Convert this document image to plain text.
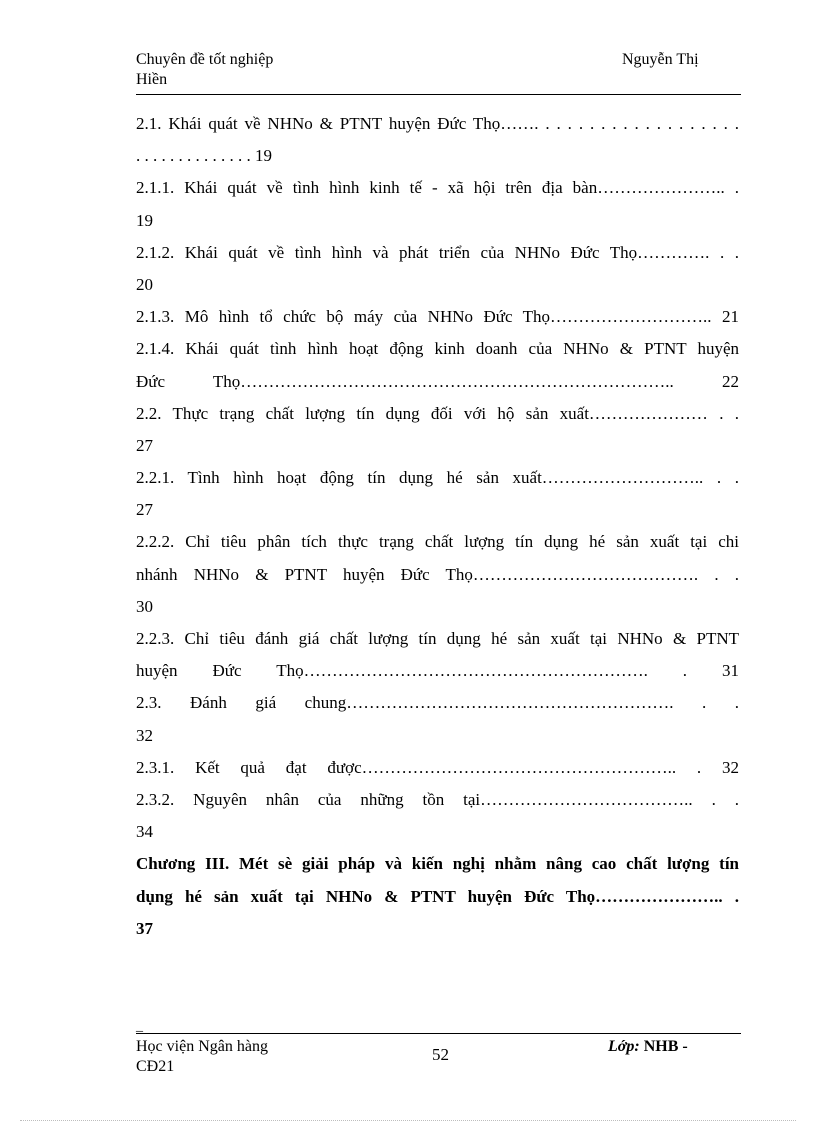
Chuyên đề tốt nghiệp	Nguyễn Thị
Hiền
2.1. Khái quát về NHNo & PTNT huyện Đức Thọ……. . . . . . . . . . . . . . . . . . .
. . . . . . . . . . . . . . 19
2.1.1. Khái quát về tình hình kinh tế - xã hội trên địa bàn………………….. .
19
2.1.2. Khái quát về tình hình và phát triển của NHNo Đức Thọ…………. . .
20
2.1.3. Mô hình tổ chức bộ máy của NHNo Đức Thọ……………………….. 21
2.1.4. Khái quát tình hình hoạt động kinh doanh của NHNo & PTNT huyện
Đức Thọ………………………………………………………………….. 22
2.2. Thực trạng chất lượng tín dụng đối với hộ sản xuất………………… . .
27
2.2.1. Tình hình hoạt động tín dụng hé sản xuất……………………….. . .
27
2.2.2. Chỉ tiêu phân tích thực trạng chất lượng tín dụng hé sản xuất tại chi
nhánh NHNo & PTNT huyện Đức Thọ…………………………………. . .
30
2.2.3. Chỉ tiêu đánh giá chất lượng tín dụng hé sản xuất tại NHNo & PTNT
huyện Đức Thọ……………………………………………………. . 31
2.3. Đánh giá chung…………………………………………………. . .
32
2.3.1. Kết quả đạt được……………………………………………….. . 32
2.3.2. Nguyên nhân của những tồn tại……………………………….. . .
34
Chương III. Mét sè giải pháp và kiến nghị nhằm nâng cao chất lượng tín
dụng hé sản xuất tại NHNo & PTNT huyện Đức Thọ………………….. .
37
_
Học viện Ngân hàng
CĐ21
52	Lớp: NHB -
